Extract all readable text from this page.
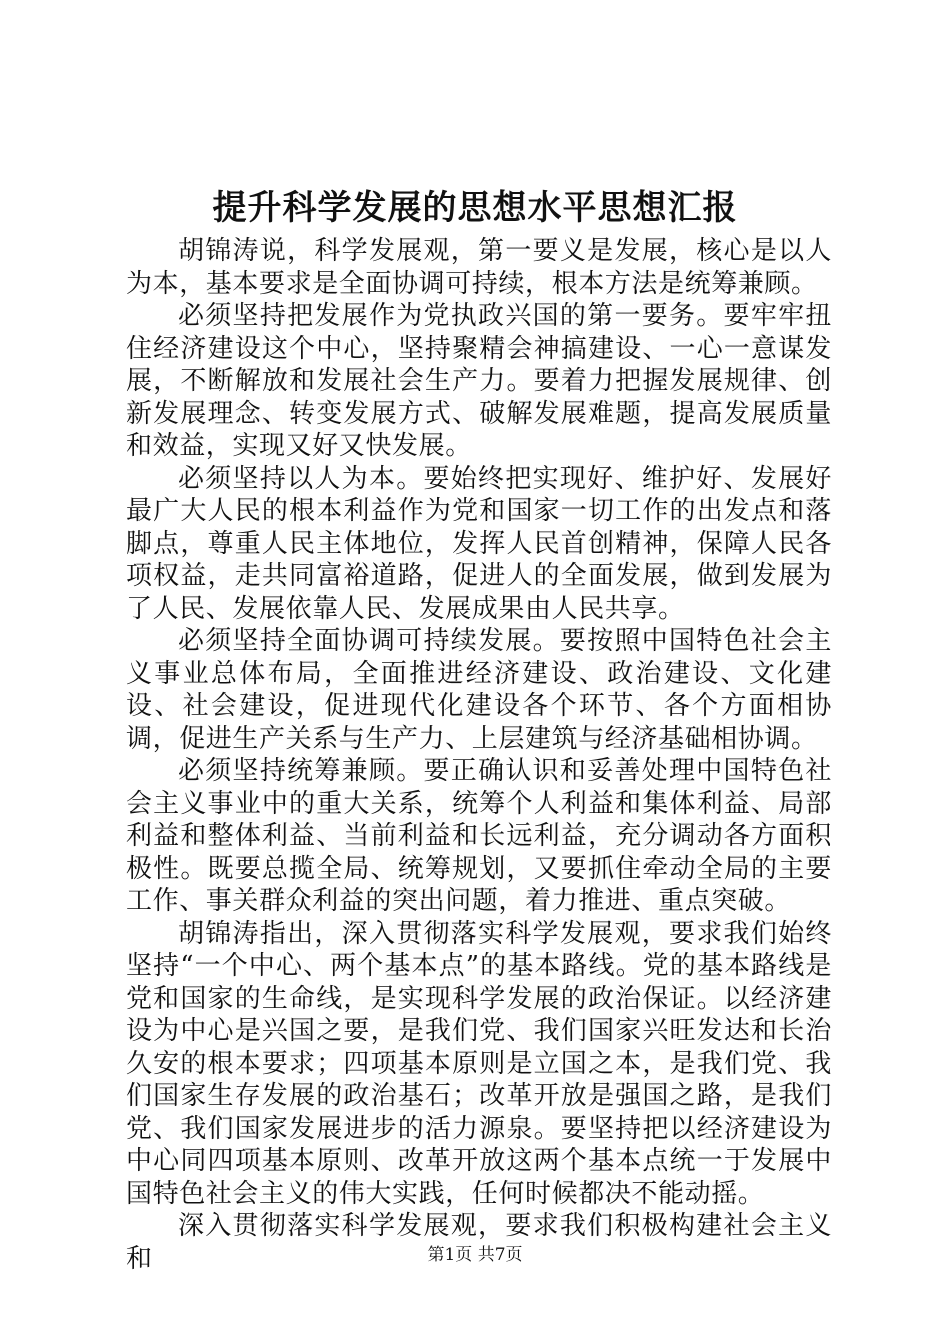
提升科学发展的思想水平思想汇报

胡锦涛说，科学发展观，第一要义是发展，核心是以人为本，基本要求是全面协调可持续，根本方法是统筹兼顾。

必须坚持把发展作为党执政兴国的第一要务。要牢牢扭住经济建设这个中心，坚持聚精会神搞建设、一心一意谋发展，不断解放和发展社会生产力。要着力把握发展规律、创新发展理念、转变发展方式、破解发展难题，提高发展质量和效益，实现又好又快发展。

必须坚持以人为本。要始终把实现好、维护好、发展好最广大人民的根本利益作为党和国家一切工作的出发点和落脚点，尊重人民主体地位，发挥人民首创精神，保障人民各项权益，走共同富裕道路，促进人的全面发展，做到发展为了人民、发展依靠人民、发展成果由人民共享。

必须坚持全面协调可持续发展。要按照中国特色社会主义事业总体布局，全面推进经济建设、政治建设、文化建设、社会建设，促进现代化建设各个环节、各个方面相协调，促进生产关系与生产力、上层建筑与经济基础相协调。

必须坚持统筹兼顾。要正确认识和妥善处理中国特色社会主义事业中的重大关系，统筹个人利益和集体利益、局部利益和整体利益、当前利益和长远利益，充分调动各方面积极性。既要总揽全局、统筹规划，又要抓住牵动全局的主要工作、事关群众利益的突出问题，着力推进、重点突破。

胡锦涛指出，深入贯彻落实科学发展观，要求我们始终坚持“一个中心、两个基本点”的基本路线。党的基本路线是党和国家的生命线，是实现科学发展的政治保证。以经济建设为中心是兴国之要，是我们党、我们国家兴旺发达和长治久安的根本要求；四项基本原则是立国之本，是我们党、我们国家生存发展的政治基石；改革开放是强国之路，是我们党、我们国家发展进步的活力源泉。要坚持把以经济建设为中心同四项基本原则、改革开放这两个基本点统一于发展中国特色社会主义的伟大实践，任何时候都决不能动摇。

深入贯彻落实科学发展观，要求我们积极构建社会主义和	第1页 共7页
